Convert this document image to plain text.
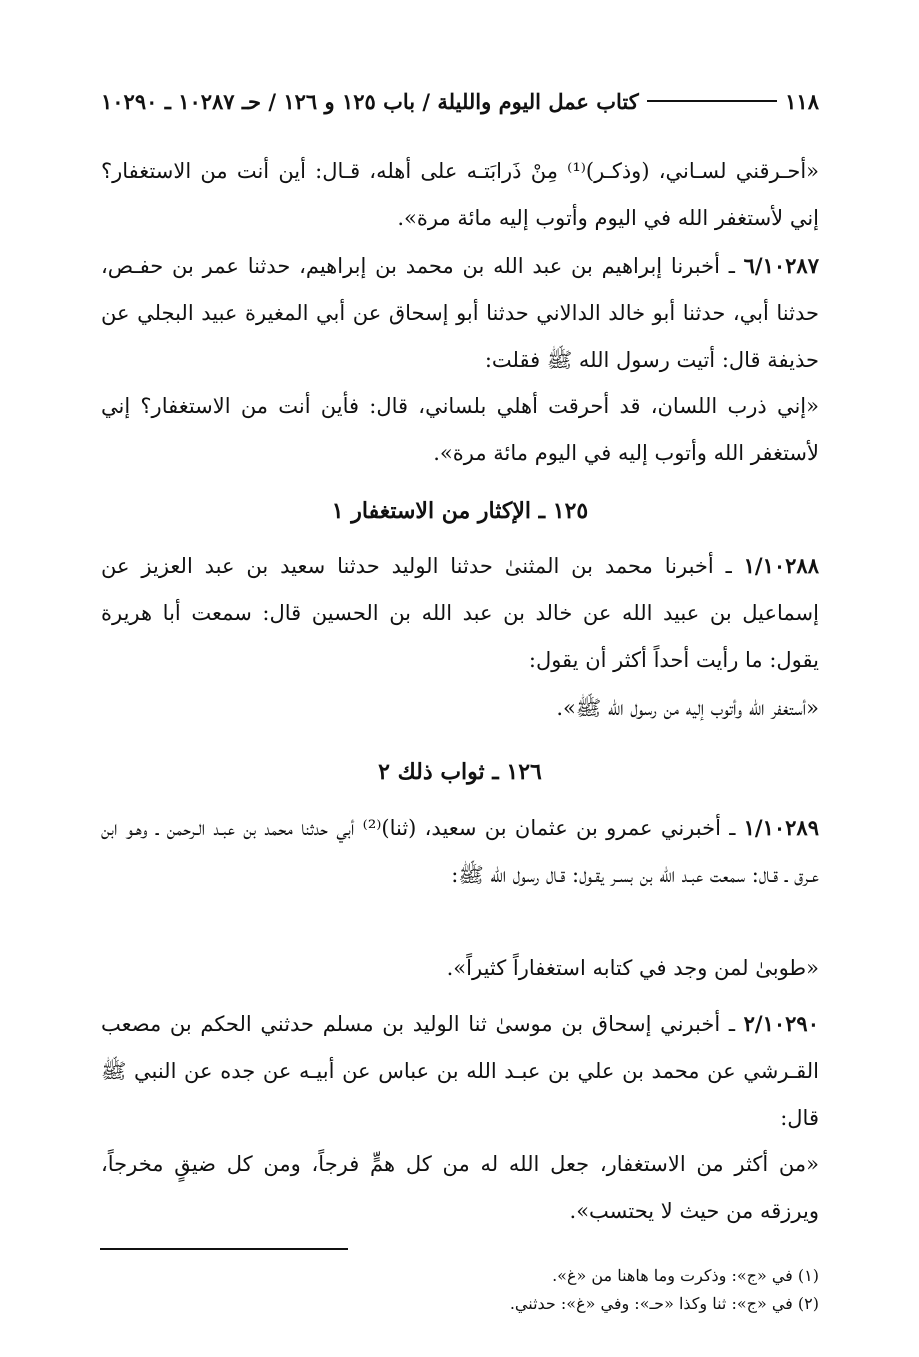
١١٨
كتاب عمل اليوم والليلة / باب ١٢٥ و ١٢٦ / حـ ١٠٢٨٧ ـ ١٠٢٩٠

«أحـرقني لسـاني، (وذكـر)⁽¹⁾ مِنْ ذَرابَتـه على أهله، قـال: أين أنت من الاستغفار؟ إني لأستغفر الله في اليوم وأتوب إليه مائة مرة».

٦/١٠٢٨٧ ـ أخبرنا إبراهيم بن عبد الله بن محمد بن إبراهيم، حدثنا عمر بن حفـص، حدثنا أبي، حدثنا أبو خالد الدالاني حدثنا أبو إسحاق عن أبي المغيرة عبيد البجلي عن حذيفة قال: أتيت رسول الله ﷺ فقلت:

«إني ذرب اللسان، قد أحرقت أهلي بلساني، قال: فأين أنت من الاستغفار؟ إني لأستغفر الله وأتوب إليه في اليوم مائة مرة».

١٢٥ ـ الإكثار من الاستغفار ١

١/١٠٢٨٨ ـ أخبرنا محمد بن المثنىٰ حدثنا الوليد حدثنا سعيد بن عبد العزيز عن إسماعيل بن عبيد الله عن خالد بن عبد الله بن الحسين قال: سمعت أبا هريرة يقول: ما رأيت أحداً أكثر أن يقول:

«أستغفر الله وأتوب إليه من رسول الله ﷺ».

١٢٦ ـ ثواب ذلك ٢

١/١٠٢٨٩ ـ أخبرني عمرو بن عثمان بن سعيد، (ثنا)⁽²⁾ أبي حدثنا محمد بن عبـد الـرحمن ـ وهـو ابن عـرق ـ قـال: سمعت عبـد الله بن بسـر يقـول: قـال رسول الله ﷺ:

«طوبىٰ لمن وجد في كتابه استغفاراً كثيراً».

٢/١٠٢٩٠ ـ أخبرني إسحاق بن موسىٰ ثنا الوليد بن مسلم حدثني الحكم بن مصعب القـرشي عن محمد بن علي بن عبـد الله بن عباس عن أبيـه عن جده عن النبي ﷺ قال:

«من أكثر من الاستغفار، جعل الله له من كل همٍّ فرجاً، ومن كل ضيقٍ مخرجاً، ويرزقه من حيث لا يحتسب».

(١) في «ج»: وذكرت وما هاهنا من «غ».

(٢) في «ج»: ثنا وكذا «حـ»: وفي «غ»: حدثني.
